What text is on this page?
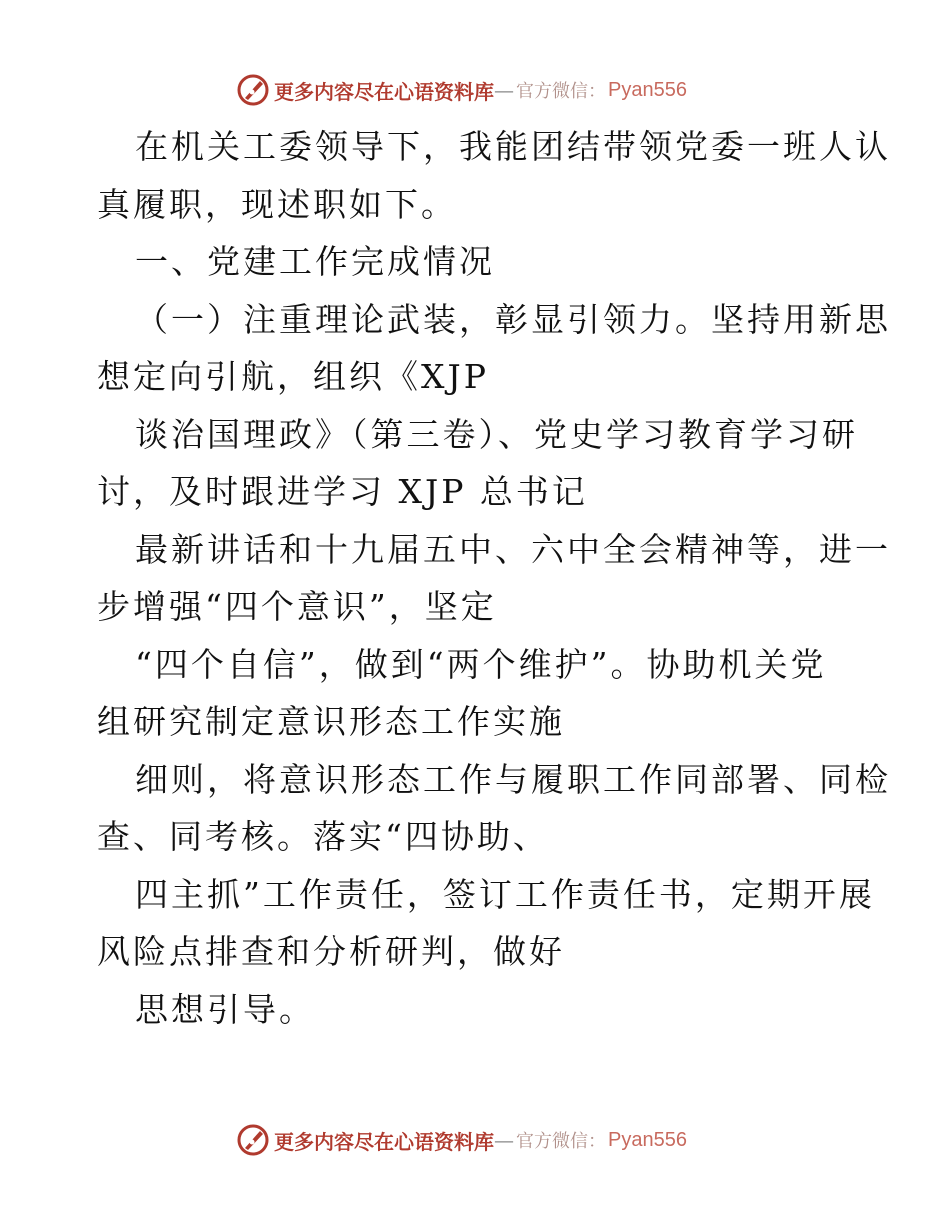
更多内容尽在心语资料库 — 官方微信： Pyan556
在机关工委领导下，我能团结带领党委一班人认
真履职，现述职如下。
一、党建工作完成情况
（一）注重理论武装，彰显引领力。坚持用新思
想定向引航，组织《XJP
谈治国理政》（第三卷）、党史学习教育学习研
讨，及时跟进学习 XJP 总书记
最新讲话和十九届五中、六中全会精神等，进一
步增强“四个意识”，坚定
“四个自信”，做到“两个维护”。协助机关党
组研究制定意识形态工作实施
细则，将意识形态工作与履职工作同部署、同检
查、同考核。落实“四协助、
四主抓”工作责任，签订工作责任书，定期开展
风险点排查和分析研判，做好
思想引导。
更多内容尽在心语资料库 — 官方微信： Pyan556
